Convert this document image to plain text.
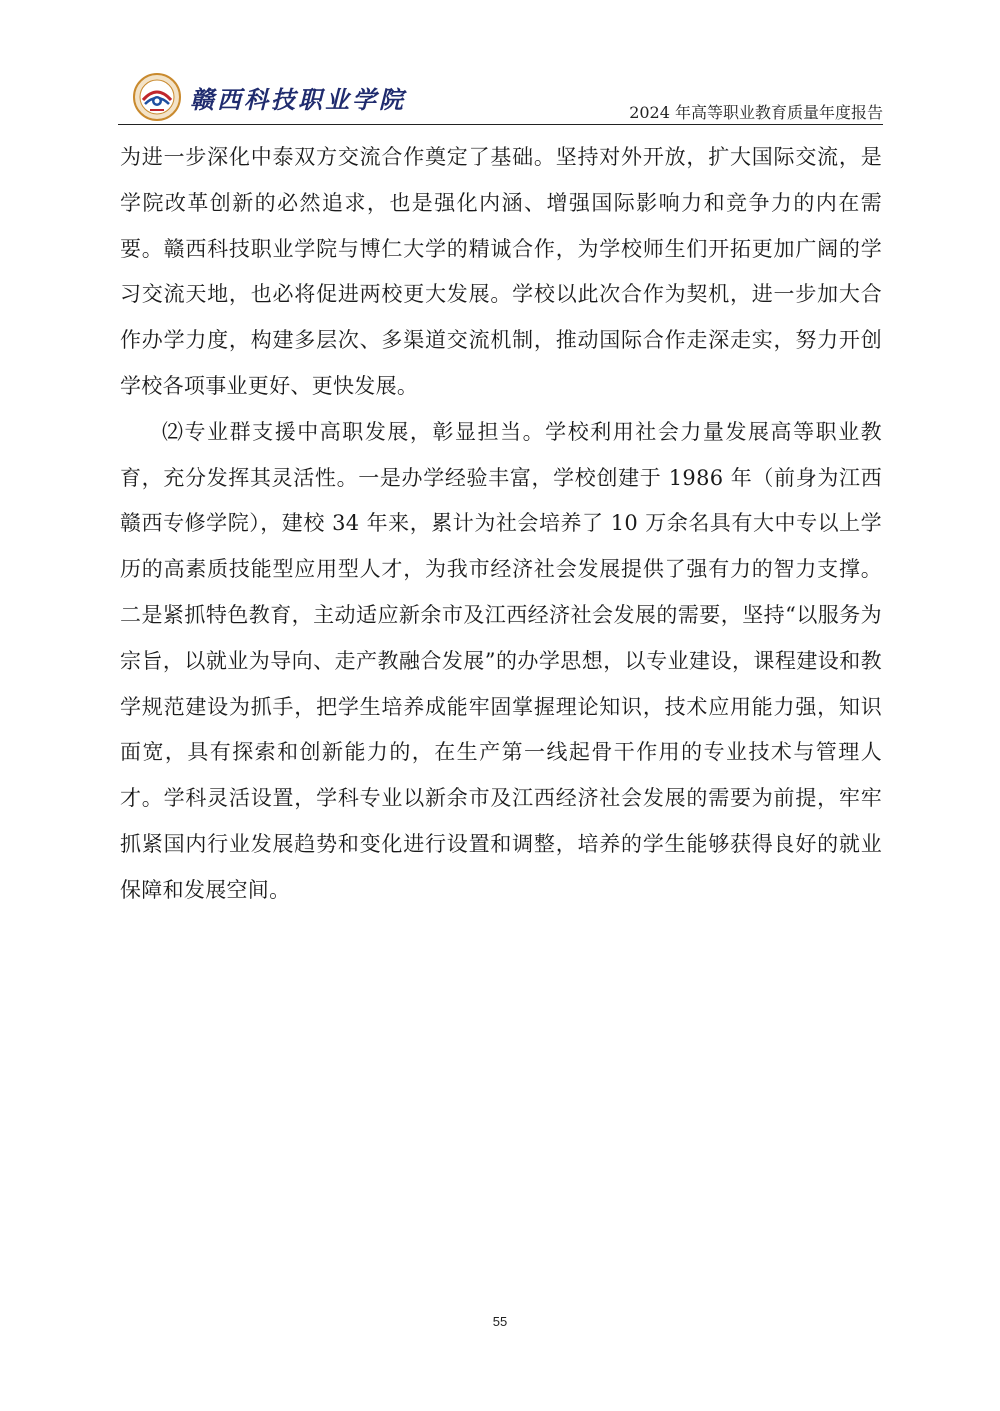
赣西科技职业学院	2024 年高等职业教育质量年度报告

为进一步深化中泰双方交流合作奠定了基础。坚持对外开放，扩大国际交流，是学院改革创新的必然追求，也是强化内涵、增强国际影响力和竞争力的内在需要。赣西科技职业学院与博仁大学的精诚合作，为学校师生们开拓更加广阔的学习交流天地，也必将促进两校更大发展。学校以此次合作为契机，进一步加大合作办学力度，构建多层次、多渠道交流机制，推动国际合作走深走实，努力开创学校各项事业更好、更快发展。

⑵专业群支援中高职发展，彰显担当。学校利用社会力量发展高等职业教育，充分发挥其灵活性。一是办学经验丰富，学校创建于 1986 年（前身为江西赣西专修学院），建校 34 年来，累计为社会培养了 10 万余名具有大中专以上学历的高素质技能型应用型人才，为我市经济社会发展提供了强有力的智力支撑。二是紧抓特色教育，主动适应新余市及江西经济社会发展的需要，坚持“以服务为宗旨，以就业为导向、走产教融合发展”的办学思想，以专业建设，课程建设和教学规范建设为抓手，把学生培养成能牢固掌握理论知识，技术应用能力强，知识面宽，具有探索和创新能力的，在生产第一线起骨干作用的专业技术与管理人才。学科灵活设置，学科专业以新余市及江西经济社会发展的需要为前提，牢牢抓紧国内行业发展趋势和变化进行设置和调整，培养的学生能够获得良好的就业保障和发展空间。

55
